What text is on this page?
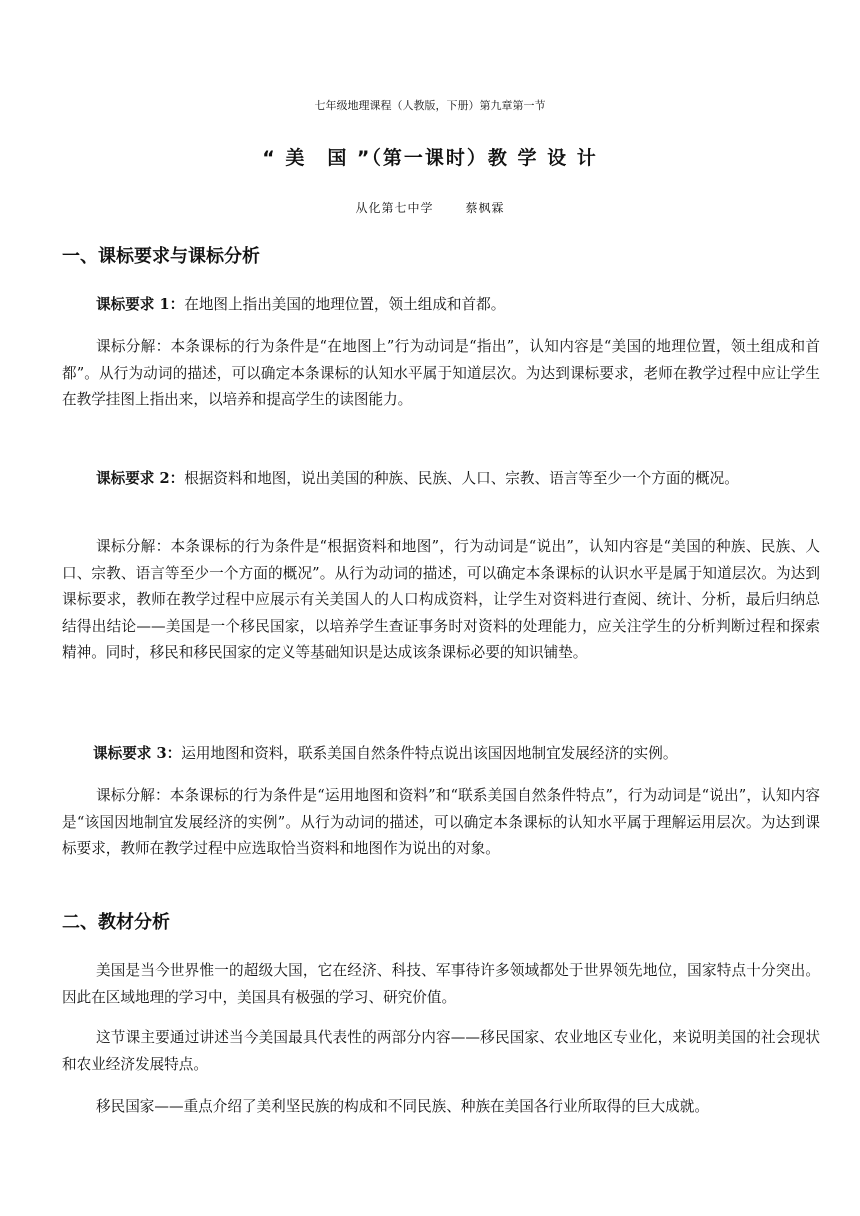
七年级地理课程（人教版，下册）第九章第一节
“ 美　国 ”（第一课时）教 学 设 计
从化第七中学	蔡枫霖
一、课标要求与课标分析
课标要求 1：在地图上指出美国的地理位置，领土组成和首都。
课标分解：本条课标的行为条件是“在地图上”行为动词是“指出”，认知内容是“美国的地理位置，领土组成和首都”。从行为动词的描述，可以确定本条课标的认知水平属于知道层次。为达到课标要求，老师在教学过程中应让学生在教学挂图上指出来，以培养和提高学生的读图能力。
课标要求 2：根据资料和地图，说出美国的种族、民族、人口、宗教、语言等至少一个方面的概况。
课标分解：本条课标的行为条件是“根据资料和地图”，行为动词是“说出”，认知内容是“美国的种族、民族、人口、宗教、语言等至少一个方面的概况”。从行为动词的描述，可以确定本条课标的认识水平是属于知道层次。为达到课标要求，教师在教学过程中应展示有关美国人的人口构成资料，让学生对资料进行查阅、统计、分析，最后归纳总结得出结论——美国是一个移民国家，以培养学生查证事务时对资料的处理能力，应关注学生的分析判断过程和探索精神。同时，移民和移民国家的定义等基础知识是达成该条课标必要的知识铺垫。
课标要求 3：运用地图和资料，联系美国自然条件特点说出该国因地制宜发展经济的实例。
课标分解：本条课标的行为条件是“运用地图和资料”和“联系美国自然条件特点”，行为动词是“说出”，认知内容是“该国因地制宜发展经济的实例”。从行为动词的描述，可以确定本条课标的认知水平属于理解运用层次。为达到课标要求，教师在教学过程中应选取恰当资料和地图作为说出的对象。
二、教材分析
美国是当今世界惟一的超级大国，它在经济、科技、军事待许多领域都处于世界领先地位，国家特点十分突出。因此在区域地理的学习中，美国具有极强的学习、研究价值。
这节课主要通过讲述当今美国最具代表性的两部分内容——移民国家、农业地区专业化，来说明美国的社会现状和农业经济发展特点。
移民国家——重点介绍了美利坚民族的构成和不同民族、种族在美国各行业所取得的巨大成就。
